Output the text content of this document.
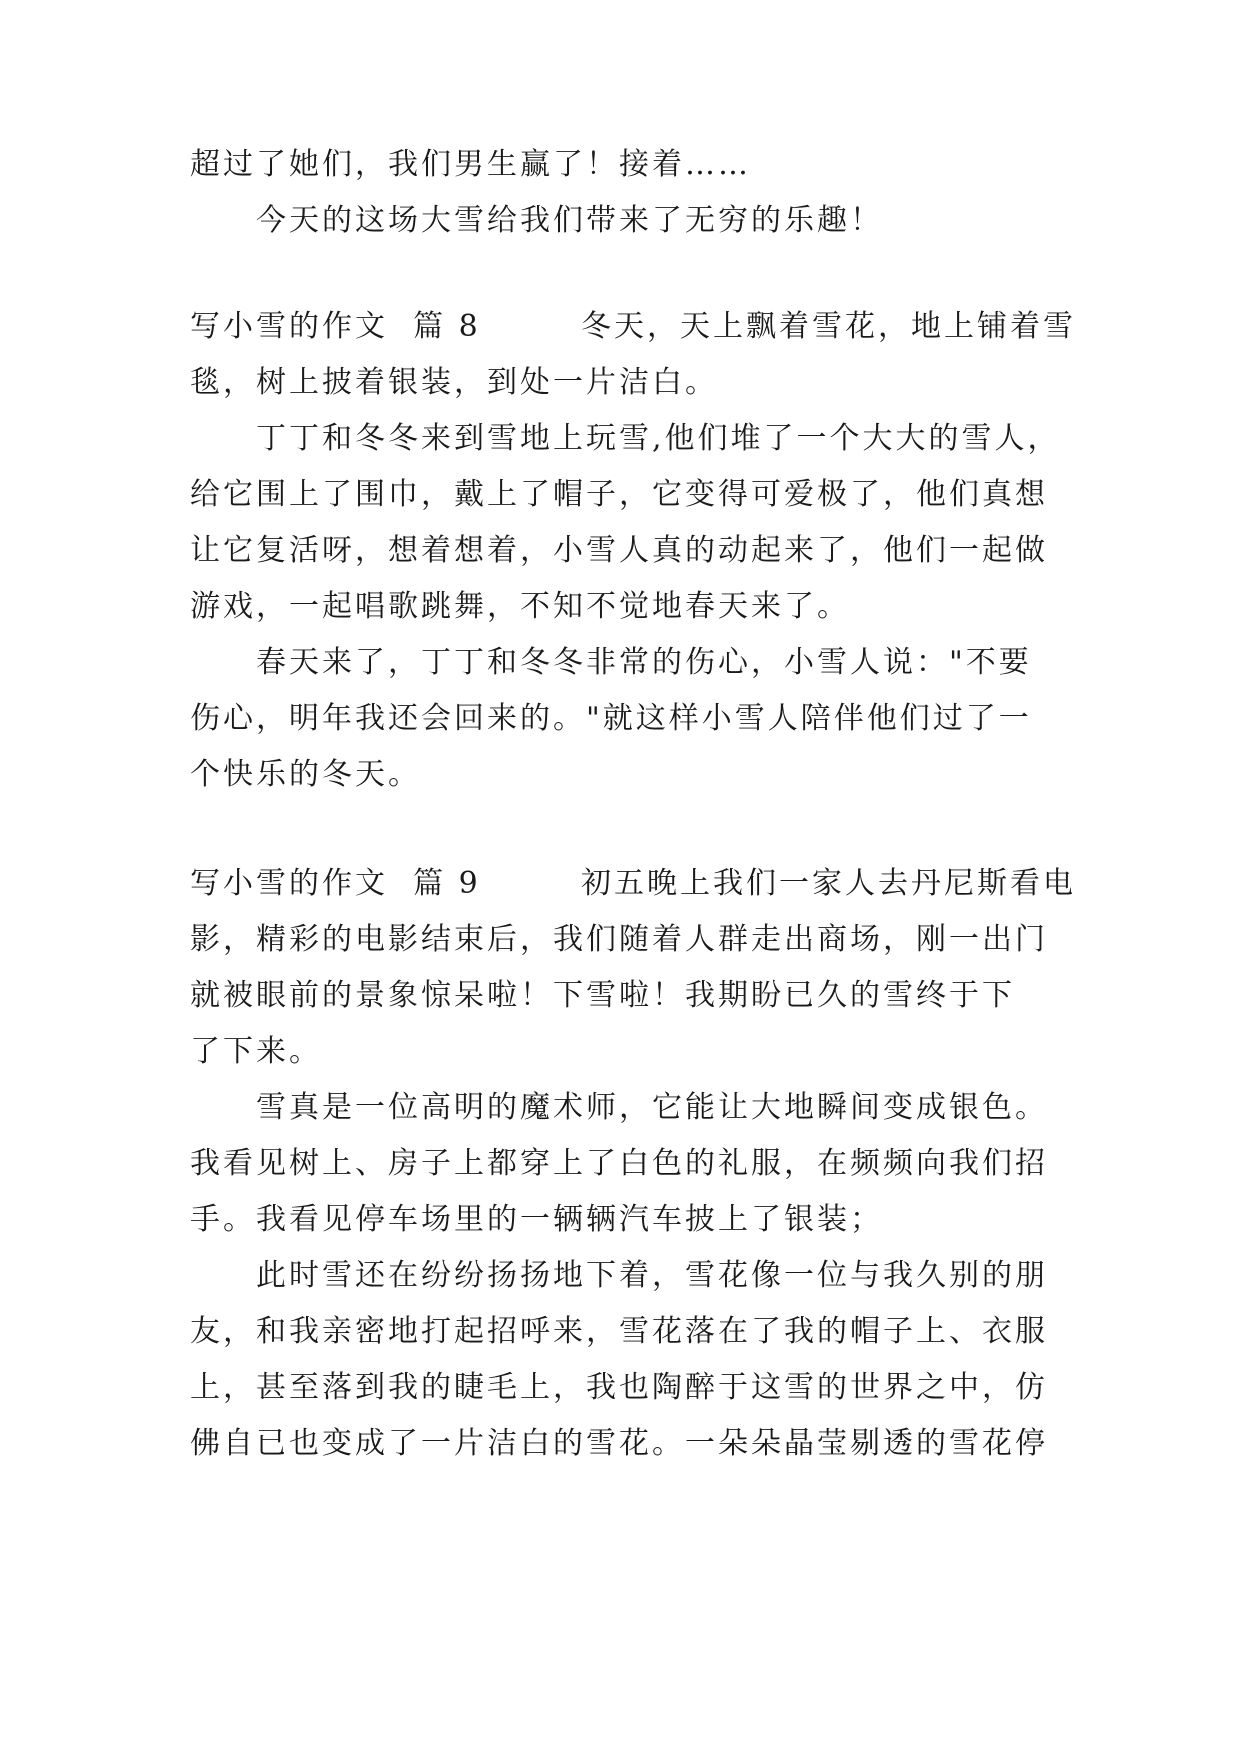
超过了她们，我们男生赢了！接着……
今天的这场大雪给我们带来了无穷的乐趣！
写小雪的作文  篇 8        冬天，天上飘着雪花，地上铺着雪
毯，树上披着银装，到处一片洁白。
丁丁和冬冬来到雪地上玩雪,他们堆了一个大大的雪人，
给它围上了围巾，戴上了帽子，它变得可爱极了，他们真想
让它复活呀，想着想着，小雪人真的动起来了，他们一起做
游戏，一起唱歌跳舞，不知不觉地春天来了。
春天来了，丁丁和冬冬非常的伤心，小雪人说："不要
伤心，明年我还会回来的。"就这样小雪人陪伴他们过了一
个快乐的冬天。
写小雪的作文  篇 9        初五晚上我们一家人去丹尼斯看电
影，精彩的电影结束后，我们随着人群走出商场，刚一出门
就被眼前的景象惊呆啦！下雪啦！我期盼已久的雪终于下
了下来。
雪真是一位高明的魔术师，它能让大地瞬间变成银色。
我看见树上、房子上都穿上了白色的礼服，在频频向我们招
手。我看见停车场里的一辆辆汽车披上了银装；
此时雪还在纷纷扬扬地下着，雪花像一位与我久别的朋
友，和我亲密地打起招呼来，雪花落在了我的帽子上、衣服
上，甚至落到我的睫毛上，我也陶醉于这雪的世界之中，仿
佛自已也变成了一片洁白的雪花。一朵朵晶莹剔透的雪花停
